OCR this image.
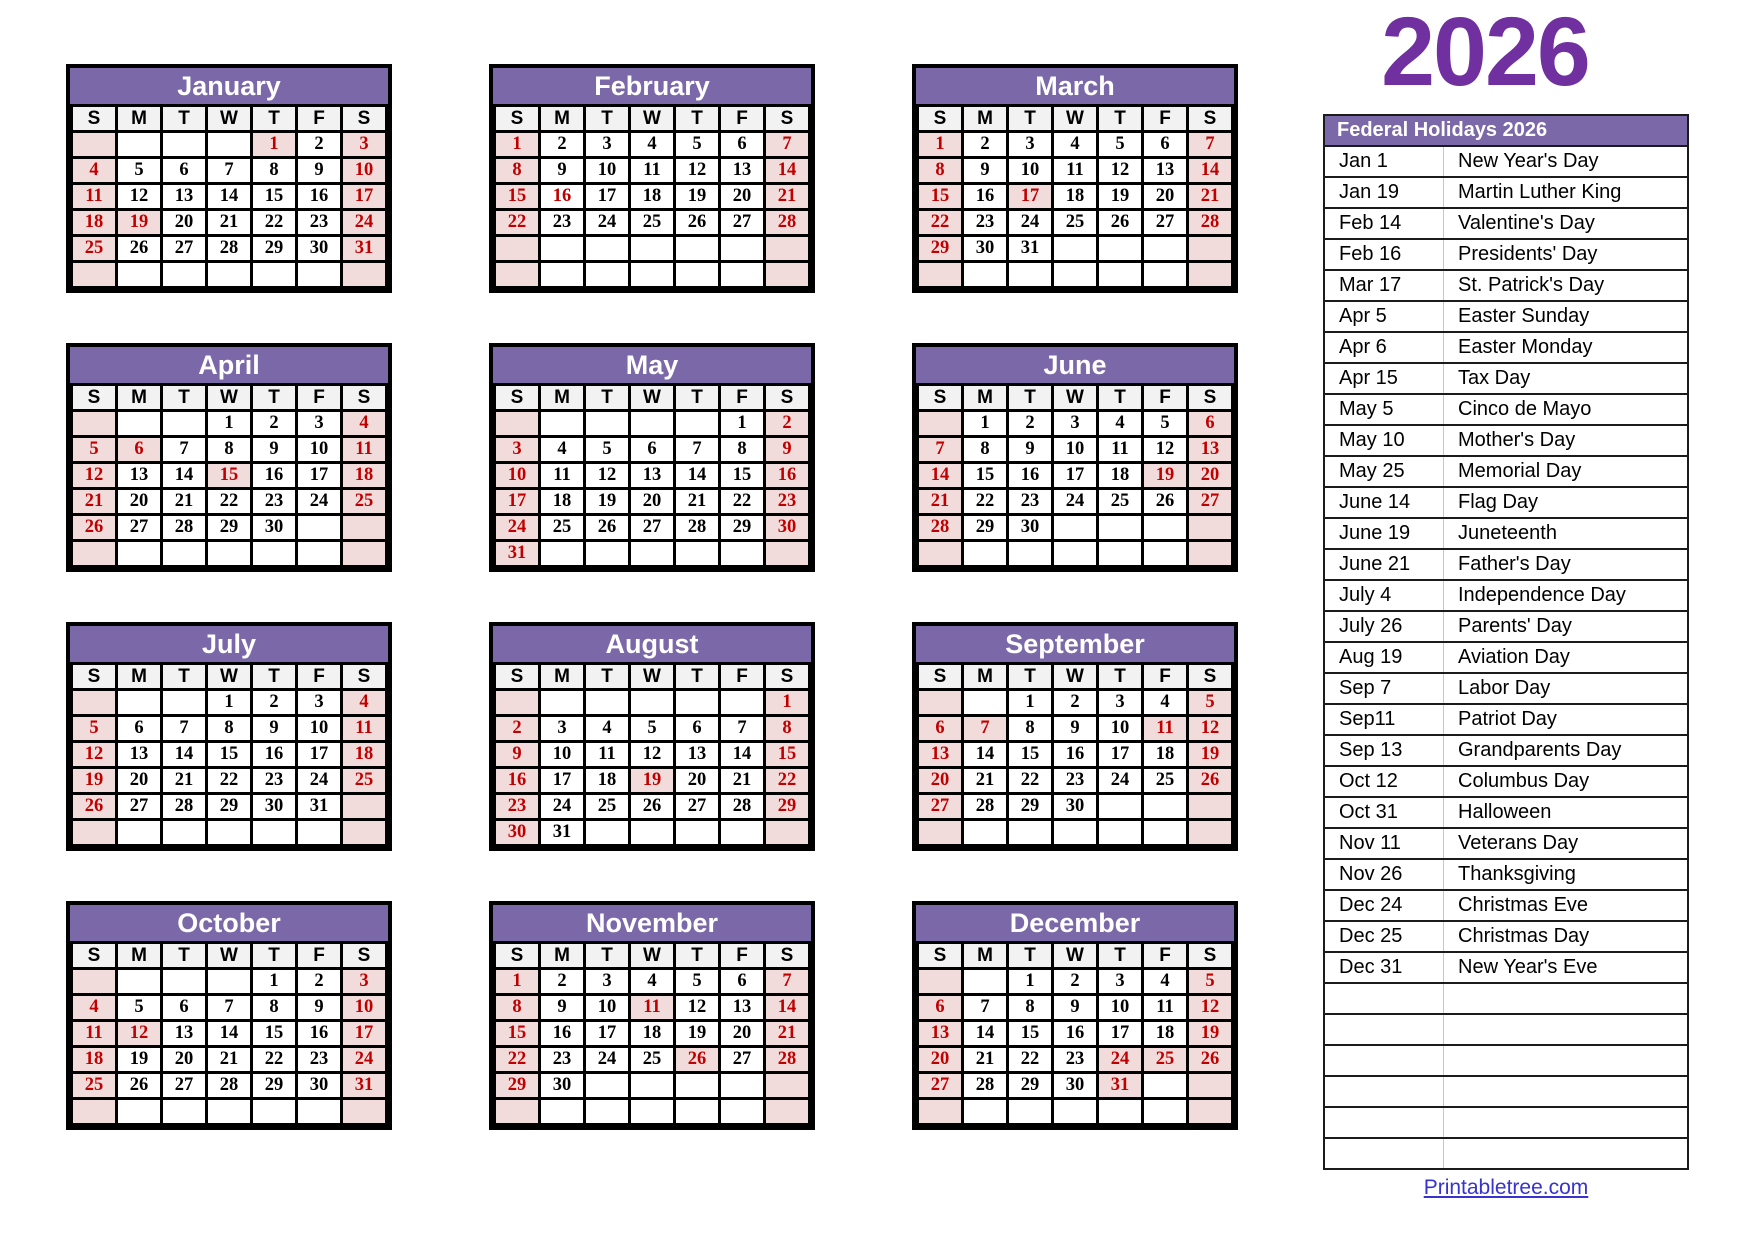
2026
January
S	M	T	W	T	F	S
				1	2	3
4	5	6	7	8	9	10
11	12	13	14	15	16	17
18	19	20	21	22	23	24
25	26	27	28	29	30	31

February
S	M	T	W	T	F	S
1	2	3	4	5	6	7
8	9	10	11	12	13	14
15	16	17	18	19	20	21
22	23	24	25	26	27	28

March
S	M	T	W	T	F	S
1	2	3	4	5	6	7
8	9	10	11	12	13	14
15	16	17	18	19	20	21
22	23	24	25	26	27	28
29	30	31				

April
S	M	T	W	T	F	S
			1	2	3	4
5	6	7	8	9	10	11
12	13	14	15	16	17	18
21	20	21	22	23	24	25
26	27	28	29	30		

May
S	M	T	W	T	F	S
					1	2
3	4	5	6	7	8	9
10	11	12	13	14	15	16
17	18	19	20	21	22	23
24	25	26	27	28	29	30
31						
June
S	M	T	W	T	F	S
	1	2	3	4	5	6
7	8	9	10	11	12	13
14	15	16	17	18	19	20
21	22	23	24	25	26	27
28	29	30				

July
S	M	T	W	T	F	S
			1	2	3	4
5	6	7	8	9	10	11
12	13	14	15	16	17	18
19	20	21	22	23	24	25
26	27	28	29	30	31	

August
S	M	T	W	T	F	S
						1
2	3	4	5	6	7	8
9	10	11	12	13	14	15
16	17	18	19	20	21	22
23	24	25	26	27	28	29
30	31					
September
S	M	T	W	T	F	S
		1	2	3	4	5
6	7	8	9	10	11	12
13	14	15	16	17	18	19
20	21	22	23	24	25	26
27	28	29	30			

October
S	M	T	W	T	F	S
				1	2	3
4	5	6	7	8	9	10
11	12	13	14	15	16	17
18	19	20	21	22	23	24
25	26	27	28	29	30	31

November
S	M	T	W	T	F	S
1	2	3	4	5	6	7
8	9	10	11	12	13	14
15	16	17	18	19	20	21
22	23	24	25	26	27	28
29	30					

December
S	M	T	W	T	F	S
		1	2	3	4	5
6	7	8	9	10	11	12
13	14	15	16	17	18	19
20	21	22	23	24	25	26
27	28	29	30	31		

Federal Holidays 2026
Jan 1	New Year's Day
Jan 19	Martin Luther King
Feb 14	Valentine's Day
Feb 16	Presidents' Day
Mar 17	St. Patrick's Day
Apr 5	Easter Sunday
Apr 6	Easter Monday
Apr 15	Tax Day
May 5	Cinco de Mayo
May 10	Mother's Day
May 25	Memorial Day
June 14	Flag Day
June 19	Juneteenth
June 21	Father's Day
July 4	Independence Day
July 26	Parents' Day
Aug 19	Aviation Day
Sep 7	Labor Day
Sep11	Patriot Day
Sep 13	Grandparents Day
Oct 12	Columbus Day
Oct 31	Halloween
Nov 11	Veterans Day
Nov 26	Thanksgiving
Dec 24	Christmas Eve
Dec 25	Christmas Day
Dec 31	New Year's Eve
Printabletree.com
